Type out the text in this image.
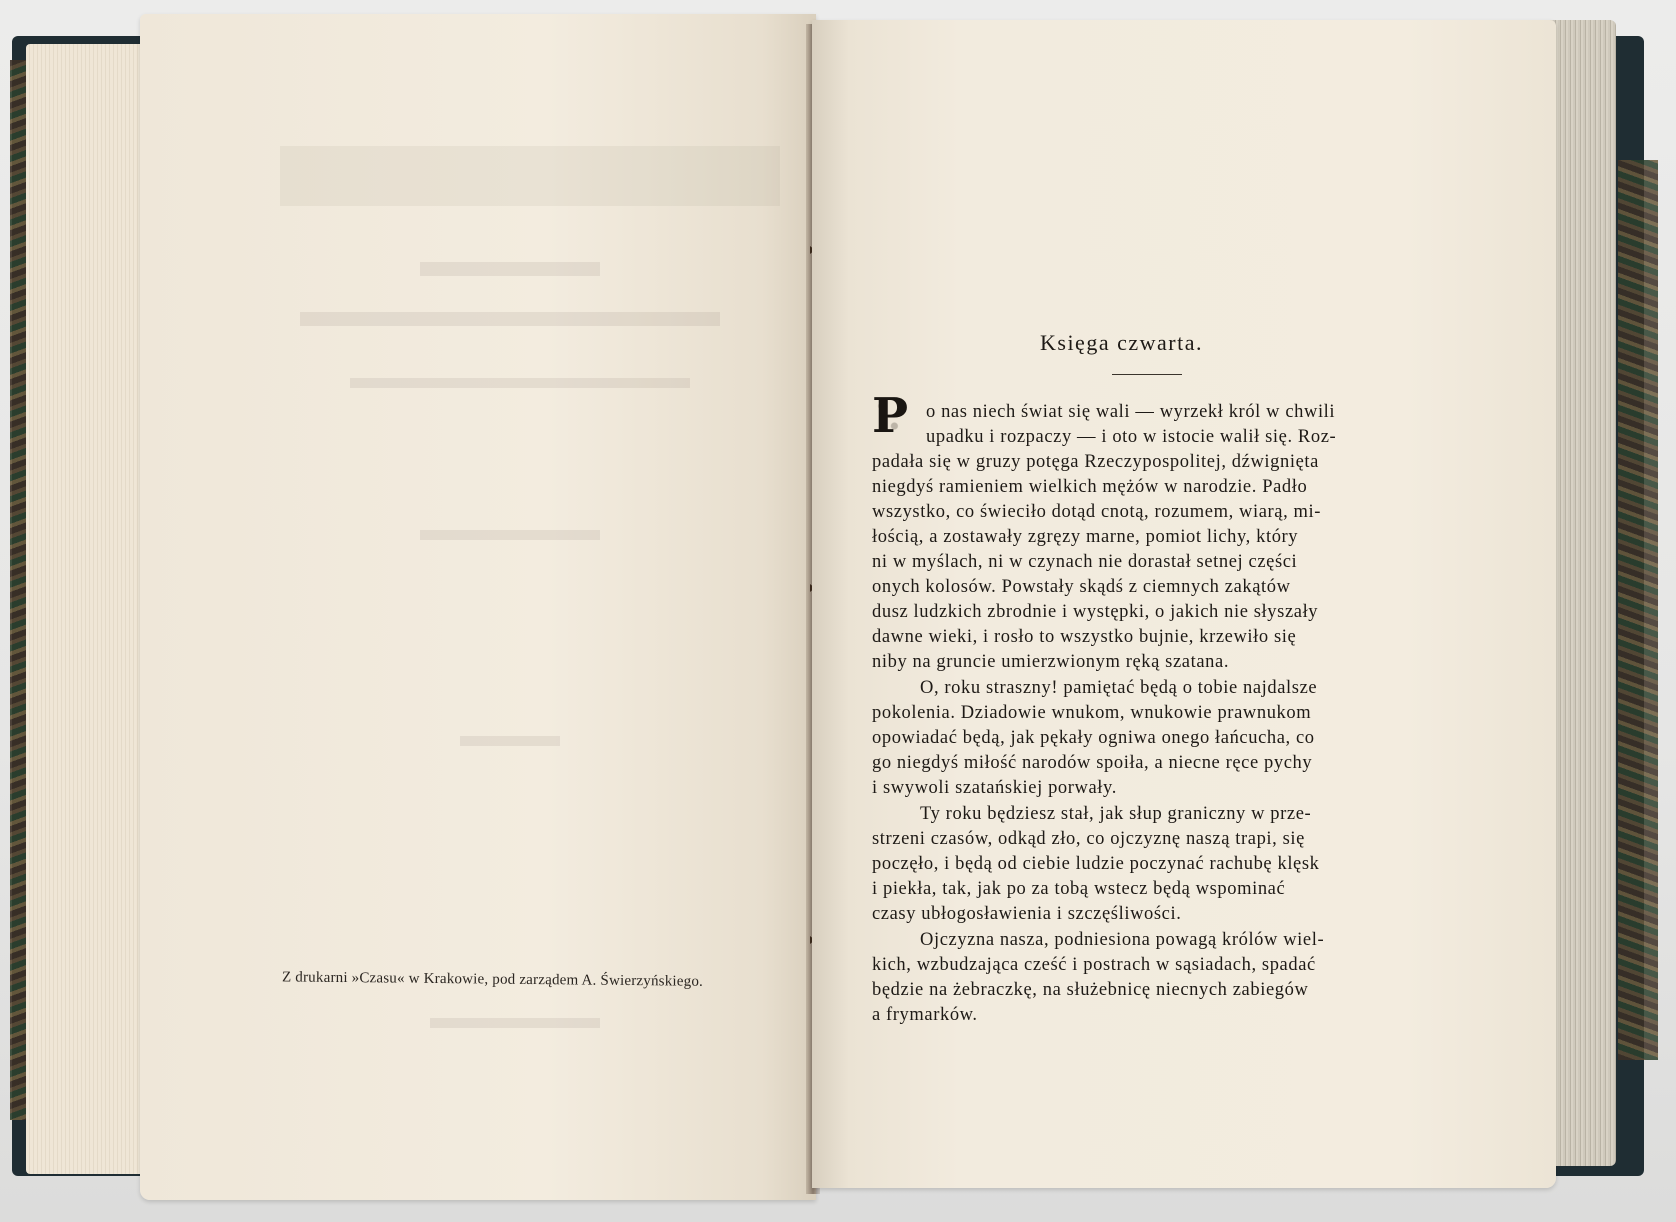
Z drukarni »Czasu« w Krakowie, pod zarządem A. Świerzyńskiego.
Księga czwarta.
P o nas niech świat się wali — wyrzekł król w chwili
upadku i rozpaczy — i oto w istocie walił się. Roz-
padała się w gruzy potęga Rzeczypospolitej, dźwignięta
niegdyś ramieniem wielkich mężów w narodzie. Padło
wszystko, co świeciło dotąd cnotą, rozumem, wiarą, mi-
łością, a zostawały zgręzy marne, pomiot lichy, który
ni w myślach, ni w czynach nie dorastał setnej części
onych kolosów. Powstały skądś z ciemnych zakątów
dusz ludzkich zbrodnie i występki, o jakich nie słyszały
dawne wieki, i rosło to wszystko bujnie, krzewiło się
niby na gruncie umierzwionym ręką szatana.
O, roku straszny! pamiętać będą o tobie najdalsze
pokolenia. Dziadowie wnukom, wnukowie prawnukom
opowiadać będą, jak pękały ogniwa onego łańcucha, co
go niegdyś miłość narodów spoiła, a niecne ręce pychy
i swywoli szatańskiej porwały.
Ty roku będziesz stał, jak słup graniczny w prze-
strzeni czasów, odkąd zło, co ojczyznę naszą trapi, się
poczęło, i będą od ciebie ludzie poczynać rachubę klęsk
i piekła, tak, jak po za tobą wstecz będą wspominać
czasy ubłogosławienia i szczęśliwości.
Ojczyzna nasza, podniesiona powagą królów wiel-
kich, wzbudzająca cześć i postrach w sąsiadach, spadać
będzie na żebraczkę, na służebnicę niecnych zabiegów
a frymarków.
